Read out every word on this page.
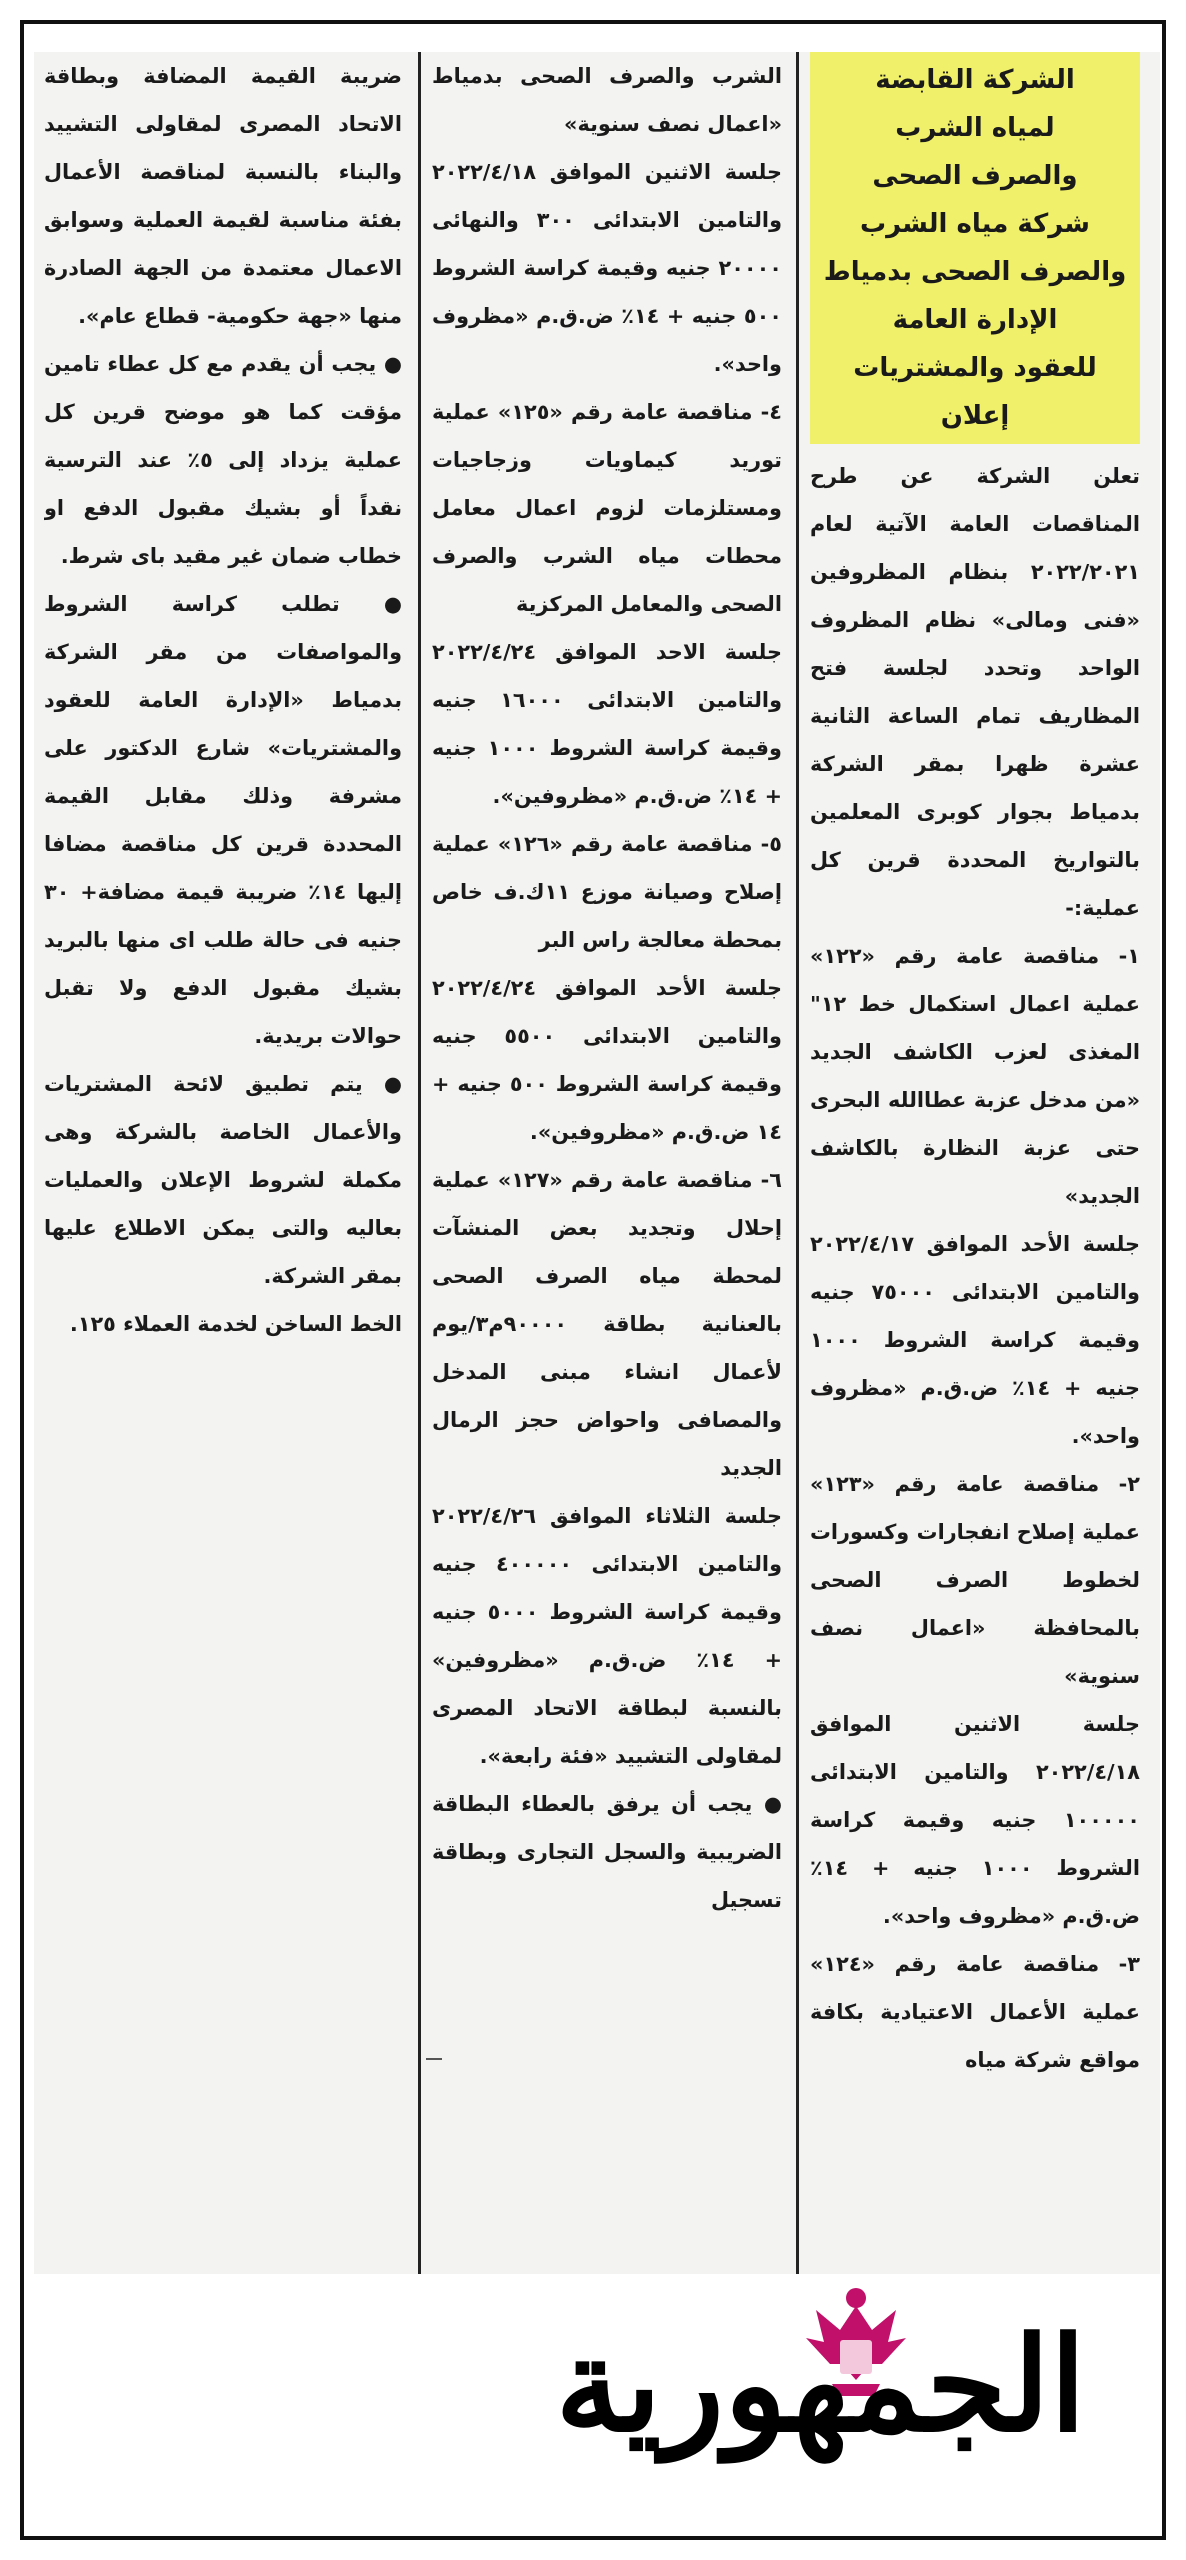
الشركة القابضة
لمياه الشرب
والصرف الصحى
شركة مياه الشرب
والصرف الصحى بدمياط
الإدارة العامة
للعقود والمشتريات
إعلان

تعلن الشركة عن طرح المناقصات العامة الآتية لعام ٢٠٢٢/٢٠٢١ بنظام المظروفين «فنى ومالى» نظام المظروف الواحد وتحدد لجلسة فتح المظاريف تمام الساعة الثانية عشرة ظهرا بمقر الشركة بدمياط بجوار كوبرى المعلمين بالتواريخ المحددة قرين كل عملية:-

١- مناقصة عامة رقم «١٢٢» عملية اعمال استكمال خط ١٢" المغذى لعزب الكاشف الجديد «من مدخل عزبة عطاالله البحرى حتى عزبة النظارة بالكاشف الجديد»

جلسة الأحد الموافق ٢٠٢٢/٤/١٧ والتامين الابتدائى ٧٥٠٠٠ جنيه وقيمة كراسة الشروط ١٠٠٠ جنيه + ١٤٪ ض.ق.م «مظروف واحد».

٢- مناقصة عامة رقم «١٢٣» عملية إصلاح انفجارات وكسورات لخطوط الصرف الصحى بالمحافظة «اعمال نصف سنوية»

جلسة الاثنين الموافق ٢٠٢٢/٤/١٨ والتامين الابتدائى ١٠٠٠٠٠ جنيه وقيمة كراسة الشروط ١٠٠٠ جنيه + ١٤٪ ض.ق.م «مظروف واحد».

٣- مناقصة عامة رقم «١٢٤» عملية الأعمال الاعتيادية بكافة مواقع شركة مياه

الشرب والصرف الصحى بدمياط «اعمال نصف سنوية»

جلسة الاثنين الموافق ٢٠٢٢/٤/١٨ والتامين الابتدائى ٣٠٠ والنهائى ٢٠٠٠٠ جنيه وقيمة كراسة الشروط ٥٠٠ جنيه + ١٤٪ ض.ق.م «مظروف واحد».

٤- مناقصة عامة رقم «١٢٥» عملية توريد كيماويات وزجاجيات ومستلزمات لزوم اعمال معامل محطات مياه الشرب والصرف الصحى والمعامل المركزية

جلسة الاحد الموافق ٢٠٢٢/٤/٢٤ والتامين الابتدائى ١٦٠٠٠ جنيه وقيمة كراسة الشروط ١٠٠٠ جنيه + ١٤٪ ض.ق.م «مظروفين».

٥- مناقصة عامة رقم «١٢٦» عملية إصلاح وصيانة موزع ١١ك.ف خاص بمحطة معالجة راس البر

جلسة الأحد الموافق ٢٠٢٢/٤/٢٤ والتامين الابتدائى ٥٥٠٠ جنيه وقيمة كراسة الشروط ٥٠٠ جنيه + ١٤ ض.ق.م «مظروفين».

٦- مناقصة عامة رقم «١٢٧» عملية إحلال وتجديد بعض المنشآت لمحطة مياه الصرف الصحى بالعنانية بطاقة ٩٠٠٠٠م٣/يوم لأعمال انشاء مبنى المدخل والمصافى واحواض حجز الرمال الجديد

جلسة الثلاثاء الموافق ٢٠٢٢/٤/٢٦ والتامين الابتدائى ٤٠٠٠٠٠ جنيه وقيمة كراسة الشروط ٥٠٠٠ جنيه + ١٤٪ ض.ق.م «مظروفين» بالنسبة لبطاقة الاتحاد المصرى لمقاولى التشييد «فئة رابعة».

● يجب أن يرفق بالعطاء البطاقة الضريبية والسجل التجارى وبطاقة تسجيل

ضريبة القيمة المضافة وبطاقة الاتحاد المصرى لمقاولى التشييد والبناء بالنسبة لمناقصة الأعمال بفئة مناسبة لقيمة العملية وسوابق الاعمال معتمدة من الجهة الصادرة منها «جهة حكومية- قطاع عام».

● يجب أن يقدم مع كل عطاء تامين مؤقت كما هو موضح قرين كل عملية يزداد إلى ٥٪ عند الترسية نقداً أو بشيك مقبول الدفع او خطاب ضمان غير مقيد باى شرط.

● تطلب كراسة الشروط والمواصفات من مقر الشركة بدمياط «الإدارة العامة للعقود والمشتريات» شارع الدكتور على مشرفة وذلك مقابل القيمة المحددة قرين كل مناقصة مضافا إليها ١٤٪ ضريبة قيمة مضافة+ ٣٠ جنيه فى حالة طلب اى منها بالبريد بشيك مقبول الدفع ولا تقبل حوالات بريدية.

● يتم تطبيق لائحة المشتريات والأعمال الخاصة بالشركة وهى مكملة لشروط الإعلان والعمليات بعاليه والتى يمكن الاطلاع عليها بمقر الشركة.

الخط الساخن لخدمة العملاء ١٢٥.

الجمهورية
